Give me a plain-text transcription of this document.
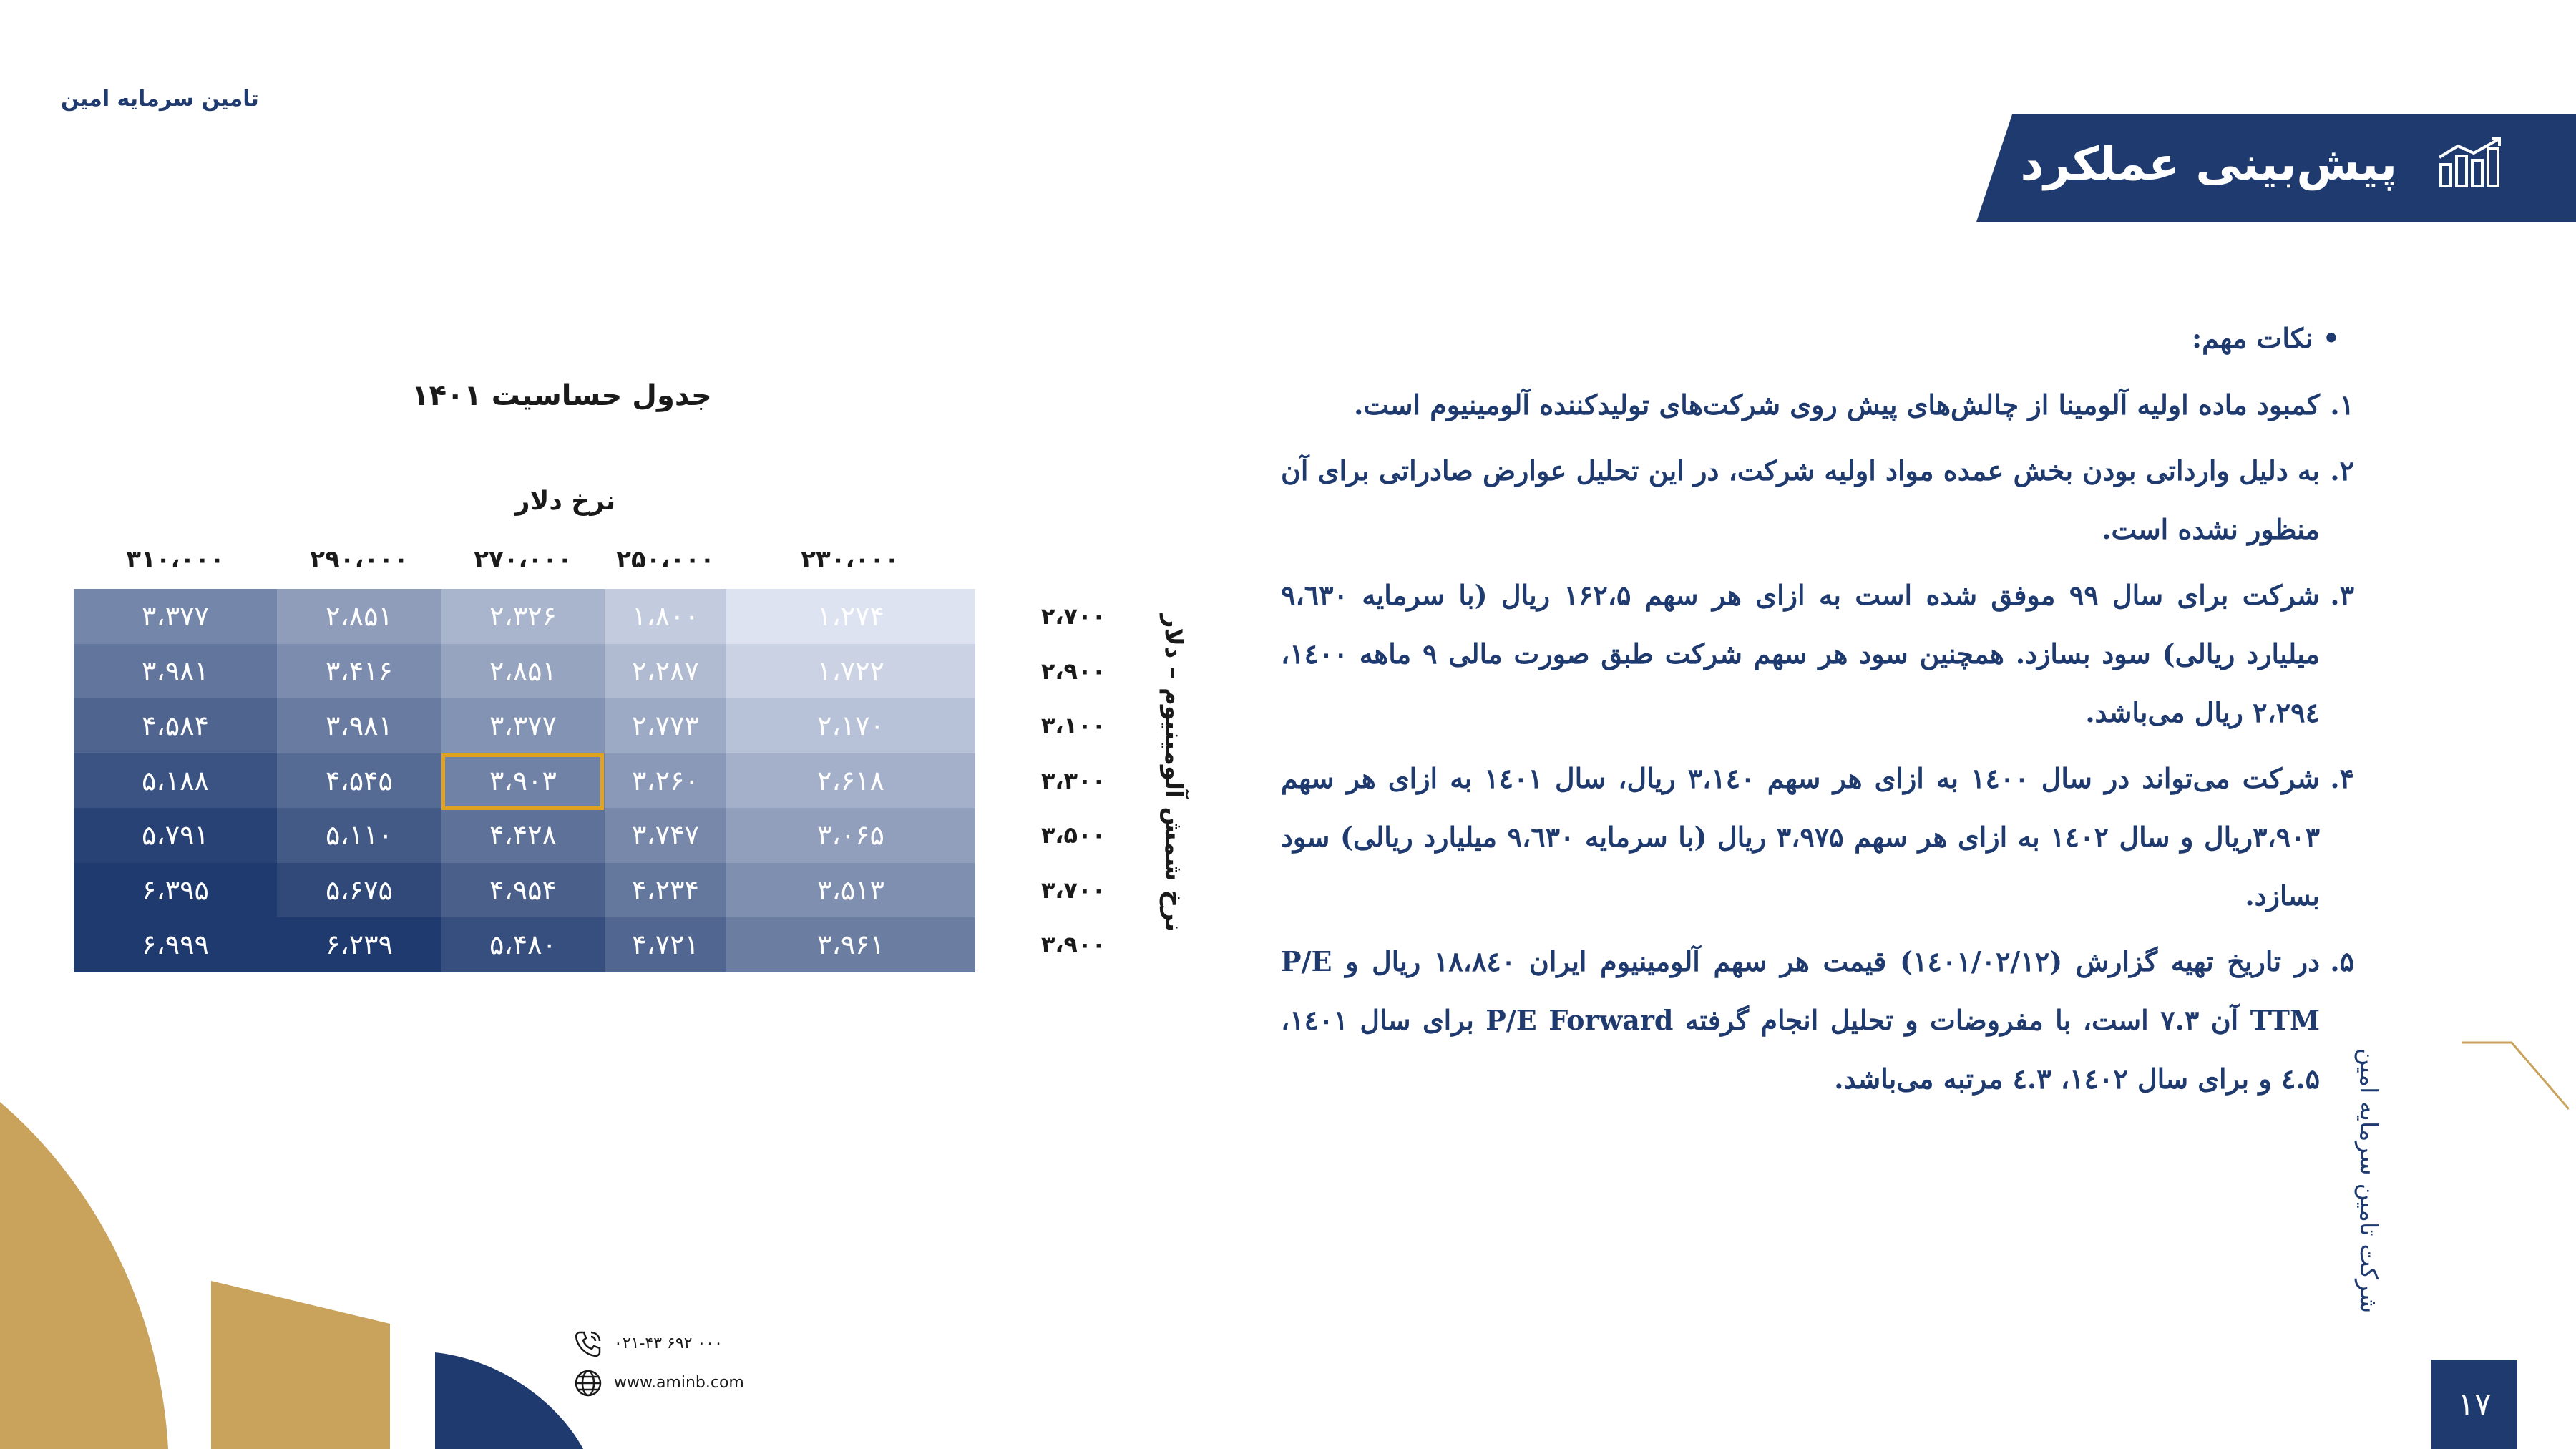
پیش‌بینی عملکرد
تامین سرمایه امین
جدول حساسیت ۱۴۰۱
نرخ دلار
۲۳۰،۰۰۰
۲۵۰،۰۰۰
۲۷۰،۰۰۰
۲۹۰،۰۰۰
۳۱۰،۰۰۰
۲،۷۰۰
۲،۹۰۰
۳،۱۰۰
۳،۳۰۰
۳،۵۰۰
۳،۷۰۰
۳،۹۰۰
۱،۲۷۴
۱،۸۰۰
۲،۳۲۶
۲،۸۵۱
۳،۳۷۷
۱،۷۲۲
۲،۲۸۷
۲،۸۵۱
۳،۴۱۶
۳،۹۸۱
۲،۱۷۰
۲،۷۷۳
۳،۳۷۷
۳،۹۸۱
۴،۵۸۴
۲،۶۱۸
۳،۲۶۰
۳،۹۰۳
۴،۵۴۵
۵،۱۸۸
۳،۰۶۵
۳،۷۴۷
۴،۴۲۸
۵،۱۱۰
۵،۷۹۱
۳،۵۱۳
۴،۲۳۴
۴،۹۵۴
۵،۶۷۵
۶،۳۹۵
۳،۹۶۱
۴،۷۲۱
۵،۴۸۰
۶،۲۳۹
۶،۹۹۹
نرخ شمش آلومینیوم – دلار
• نکات مهم:
۱.
کمبود ماده اولیه آلومینا از چالش‌های پیش روی شرکت‌های تولیدکننده آلومینیوم است.
۲.
به دلیل وارداتی بودن بخش عمده مواد اولیه شرکت، در این تحلیل عوارض صادراتی برای آن منظور نشده است.
۳.
شرکت برای سال ۹۹ موفق شده است به ازای هر سهم ۱۶۲،۵ ریال (با سرمایه ۹،٦۳۰ میلیارد ریالی) سود بسازد. همچنین سود هر سهم شرکت طبق صورت مالی ۹ ماهه ۱٤۰۰، ۲،۲۹٤ ریال می‌باشد.
۴.
شرکت می‌تواند در سال ۱٤۰۰ به ازای هر سهم ۳،۱٤۰ ریال، سال ۱٤۰۱ به ازای هر سهم ۳،۹۰۳ریال و سال ۱٤۰۲ به ازای هر سهم ۳،۹۷۵ ریال (با سرمایه ۹،٦۳۰ میلیارد ریالی) سود بسازد.
۵.
در تاریخ تهیه گزارش (۱٤۰۱/۰۲/۱۲) قیمت هر سهم آلومینیوم ایران ۱۸،۸٤۰ ریال و P/E TTM آن ۷.۳ است، با مفروضات و تحلیل انجام گرفته P/E Forward برای سال ۱٤۰۱، ٤.۵ و برای سال ۱٤۰۲، ٤.۳ مرتبه می‌باشد.
۰۲۱-۴۳ ۶۹۲ ۰۰۰
www.aminb.com
شرکت تامین سرمایه امین
۱۷
